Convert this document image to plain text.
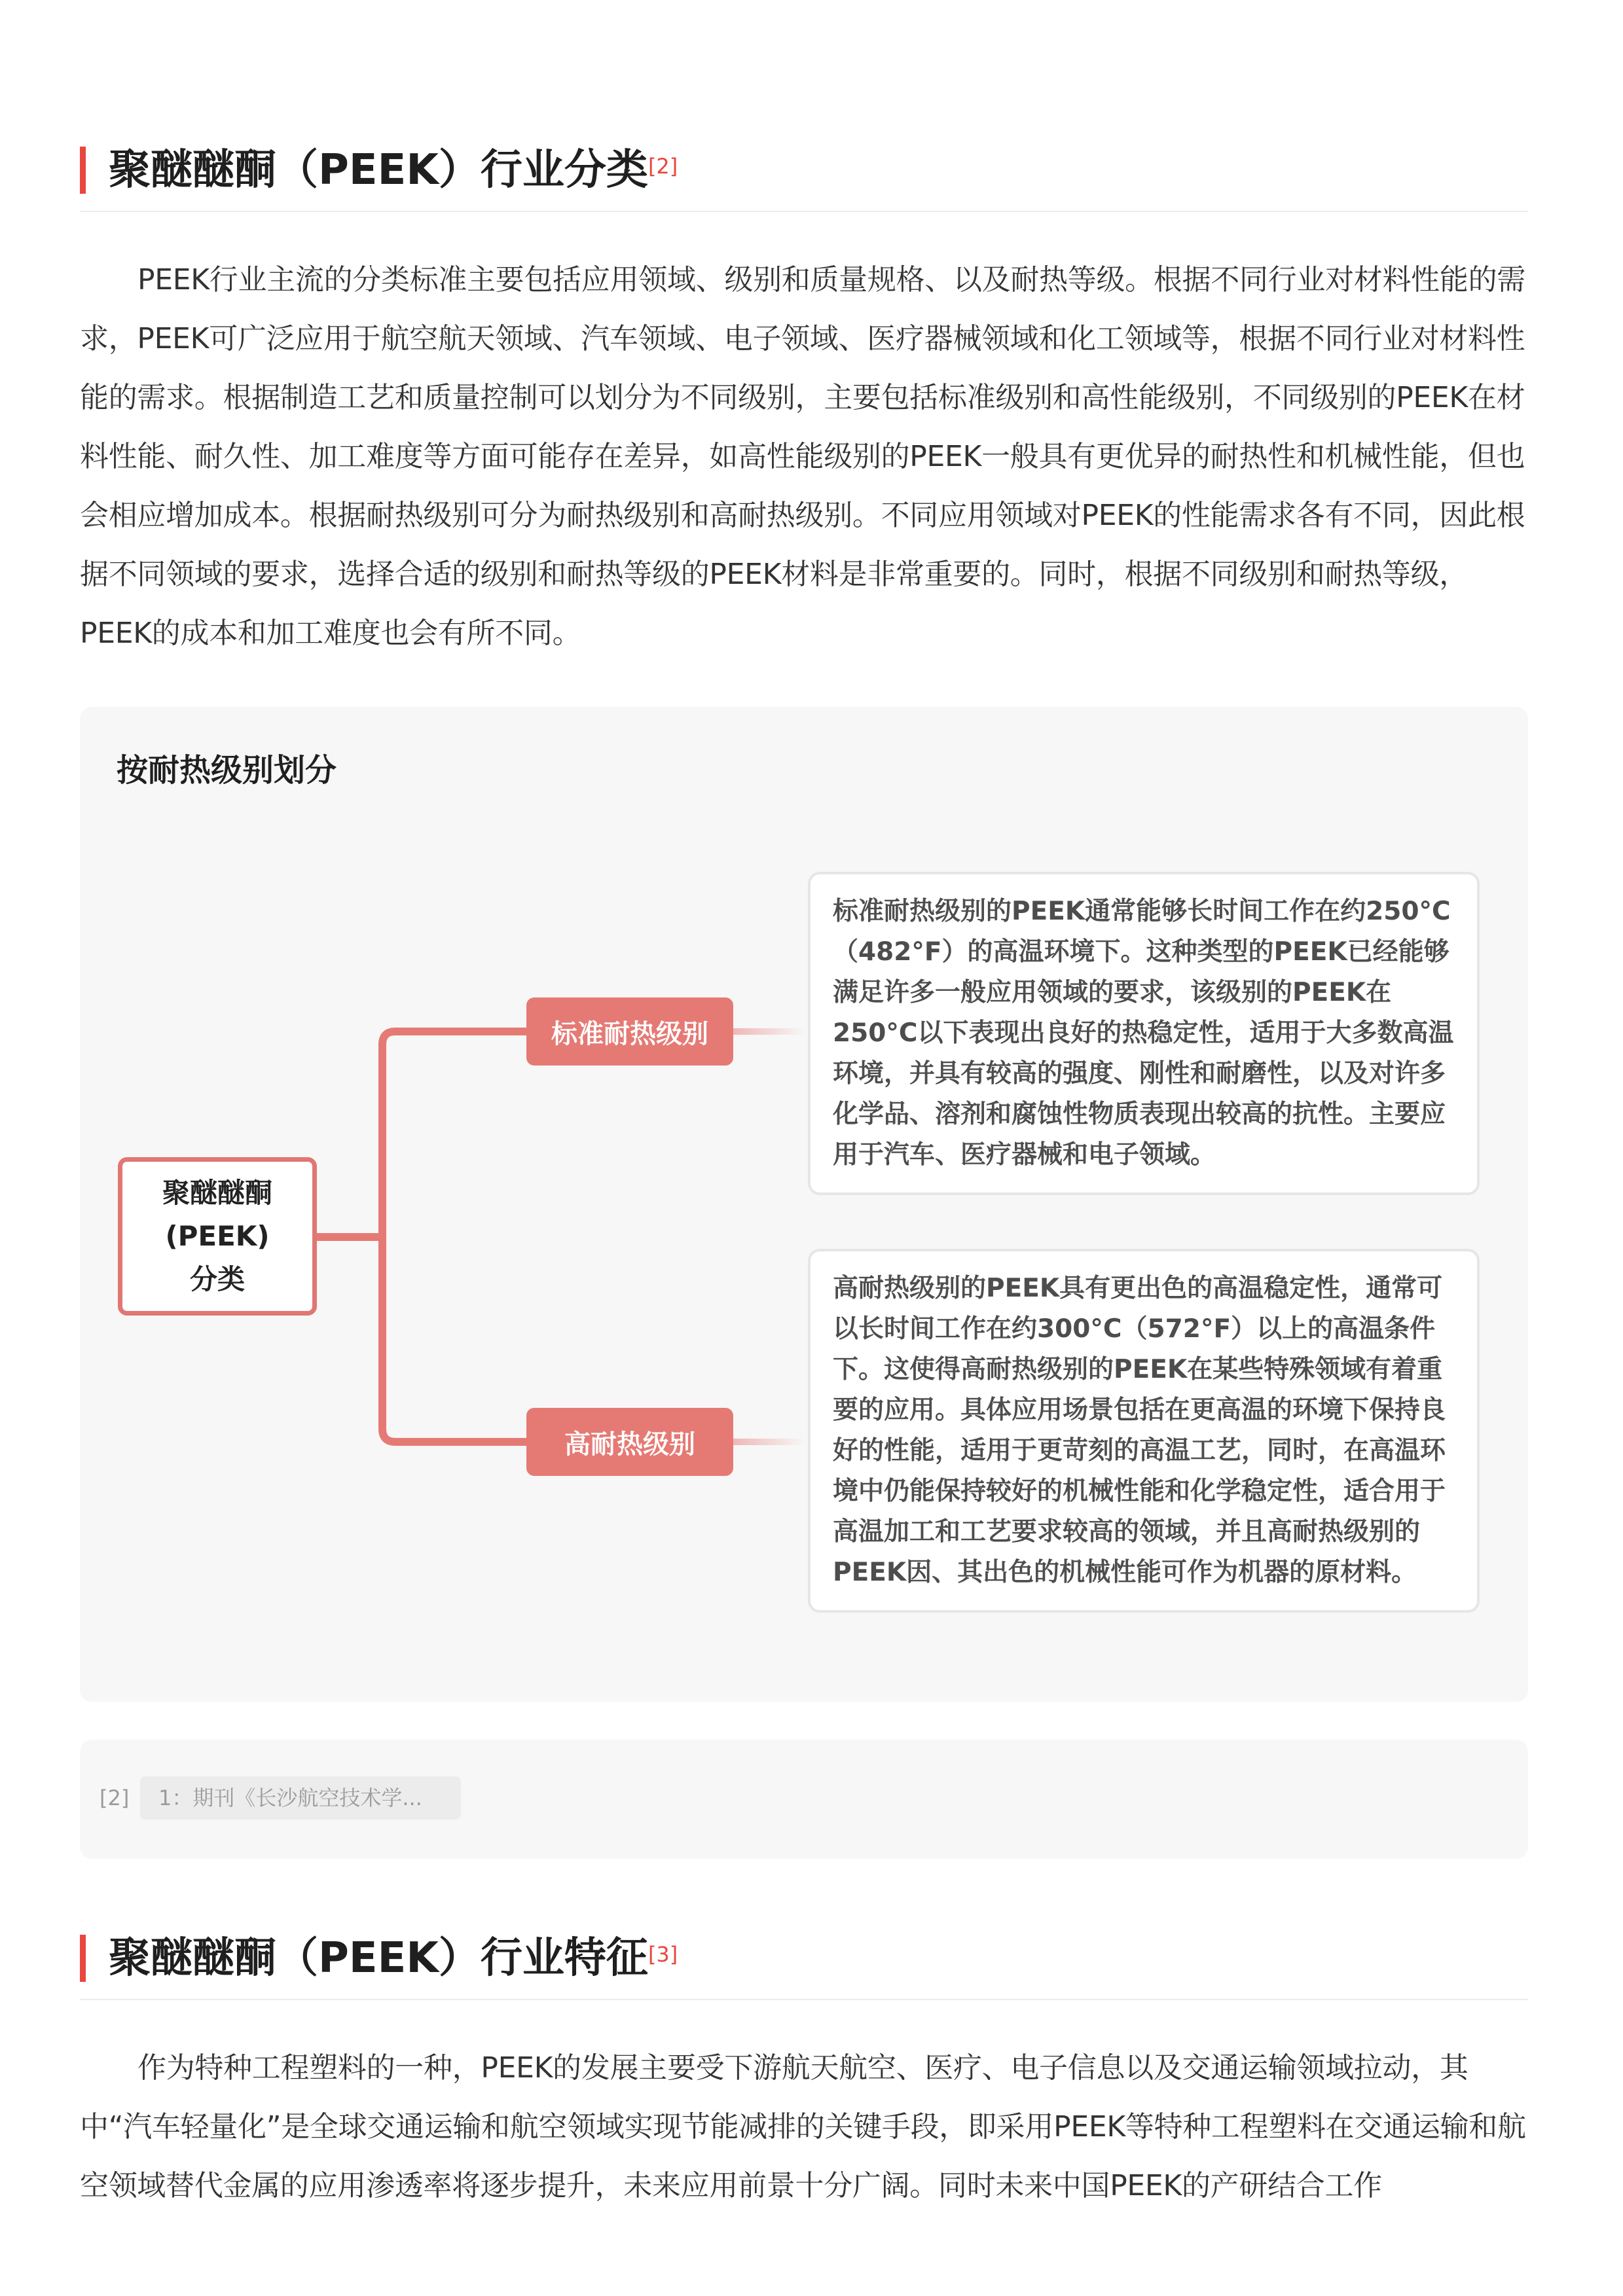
聚醚醚酮（PEEK）行业分类[2]

PEEK行业主流的分类标准主要包括应用领域、级别和质量规格、以及耐热等级。根据不同行业对材料性能的需求，PEEK可广泛应用于航空航天领域、汽车领域、电子领域、医疗器械领域和化工领域等，根据不同行业对材料性能的需求。根据制造工艺和质量控制可以划分为不同级别，主要包括标准级别和高性能级别，不同级别的PEEK在材料性能、耐久性、加工难度等方面可能存在差异，如高性能级别的PEEK一般具有更优异的耐热性和机械性能，但也会相应增加成本。根据耐热级别可分为耐热级别和高耐热级别。不同应用领域对PEEK的性能需求各有不同，因此根据不同领域的要求，选择合适的级别和耐热等级的PEEK材料是非常重要的。同时，根据不同级别和耐热等级，PEEK的成本和加工难度也会有所不同。

按耐热级别划分
聚醚醚酮
(PEEK)
分类
标准耐热级别
高耐热级别
标准耐热级别的PEEK通常能够长时间工作在约250°C（482°F）的高温环境下。这种类型的PEEK已经能够满足许多一般应用领域的要求，该级别的PEEK在250°C以下表现出良好的热稳定性，适用于大多数高温环境，并具有较高的强度、刚性和耐磨性，以及对许多化学品、溶剂和腐蚀性物质表现出较高的抗性。主要应用于汽车、医疗器械和电子领域。
高耐热级别的PEEK具有更出色的高温稳定性，通常可以长时间工作在约300°C（572°F）以上的高温条件下。这使得高耐热级别的PEEK在某些特殊领域有着重要的应用。具体应用场景包括在更高温的环境下保持良好的性能，适用于更苛刻的高温工艺，同时，在高温环境中仍能保持较好的机械性能和化学稳定性，适合用于高温加工和工艺要求较高的领域，并且高耐热级别的PEEK因、其出色的机械性能可作为机器的原材料。
[2]	1：期刊《长沙航空技术学...
聚醚醚酮（PEEK）行业特征[3]

作为特种工程塑料的一种，PEEK的发展主要受下游航天航空、医疗、电子信息以及交通运输领域拉动，其中“汽车轻量化”是全球交通运输和航空领域实现节能减排的关键手段，即采用PEEK等特种工程塑料在交通运输和航空领域替代金属的应用渗透率将逐步提升，未来应用前景十分广阔。同时未来中国PEEK的产研结合工作
